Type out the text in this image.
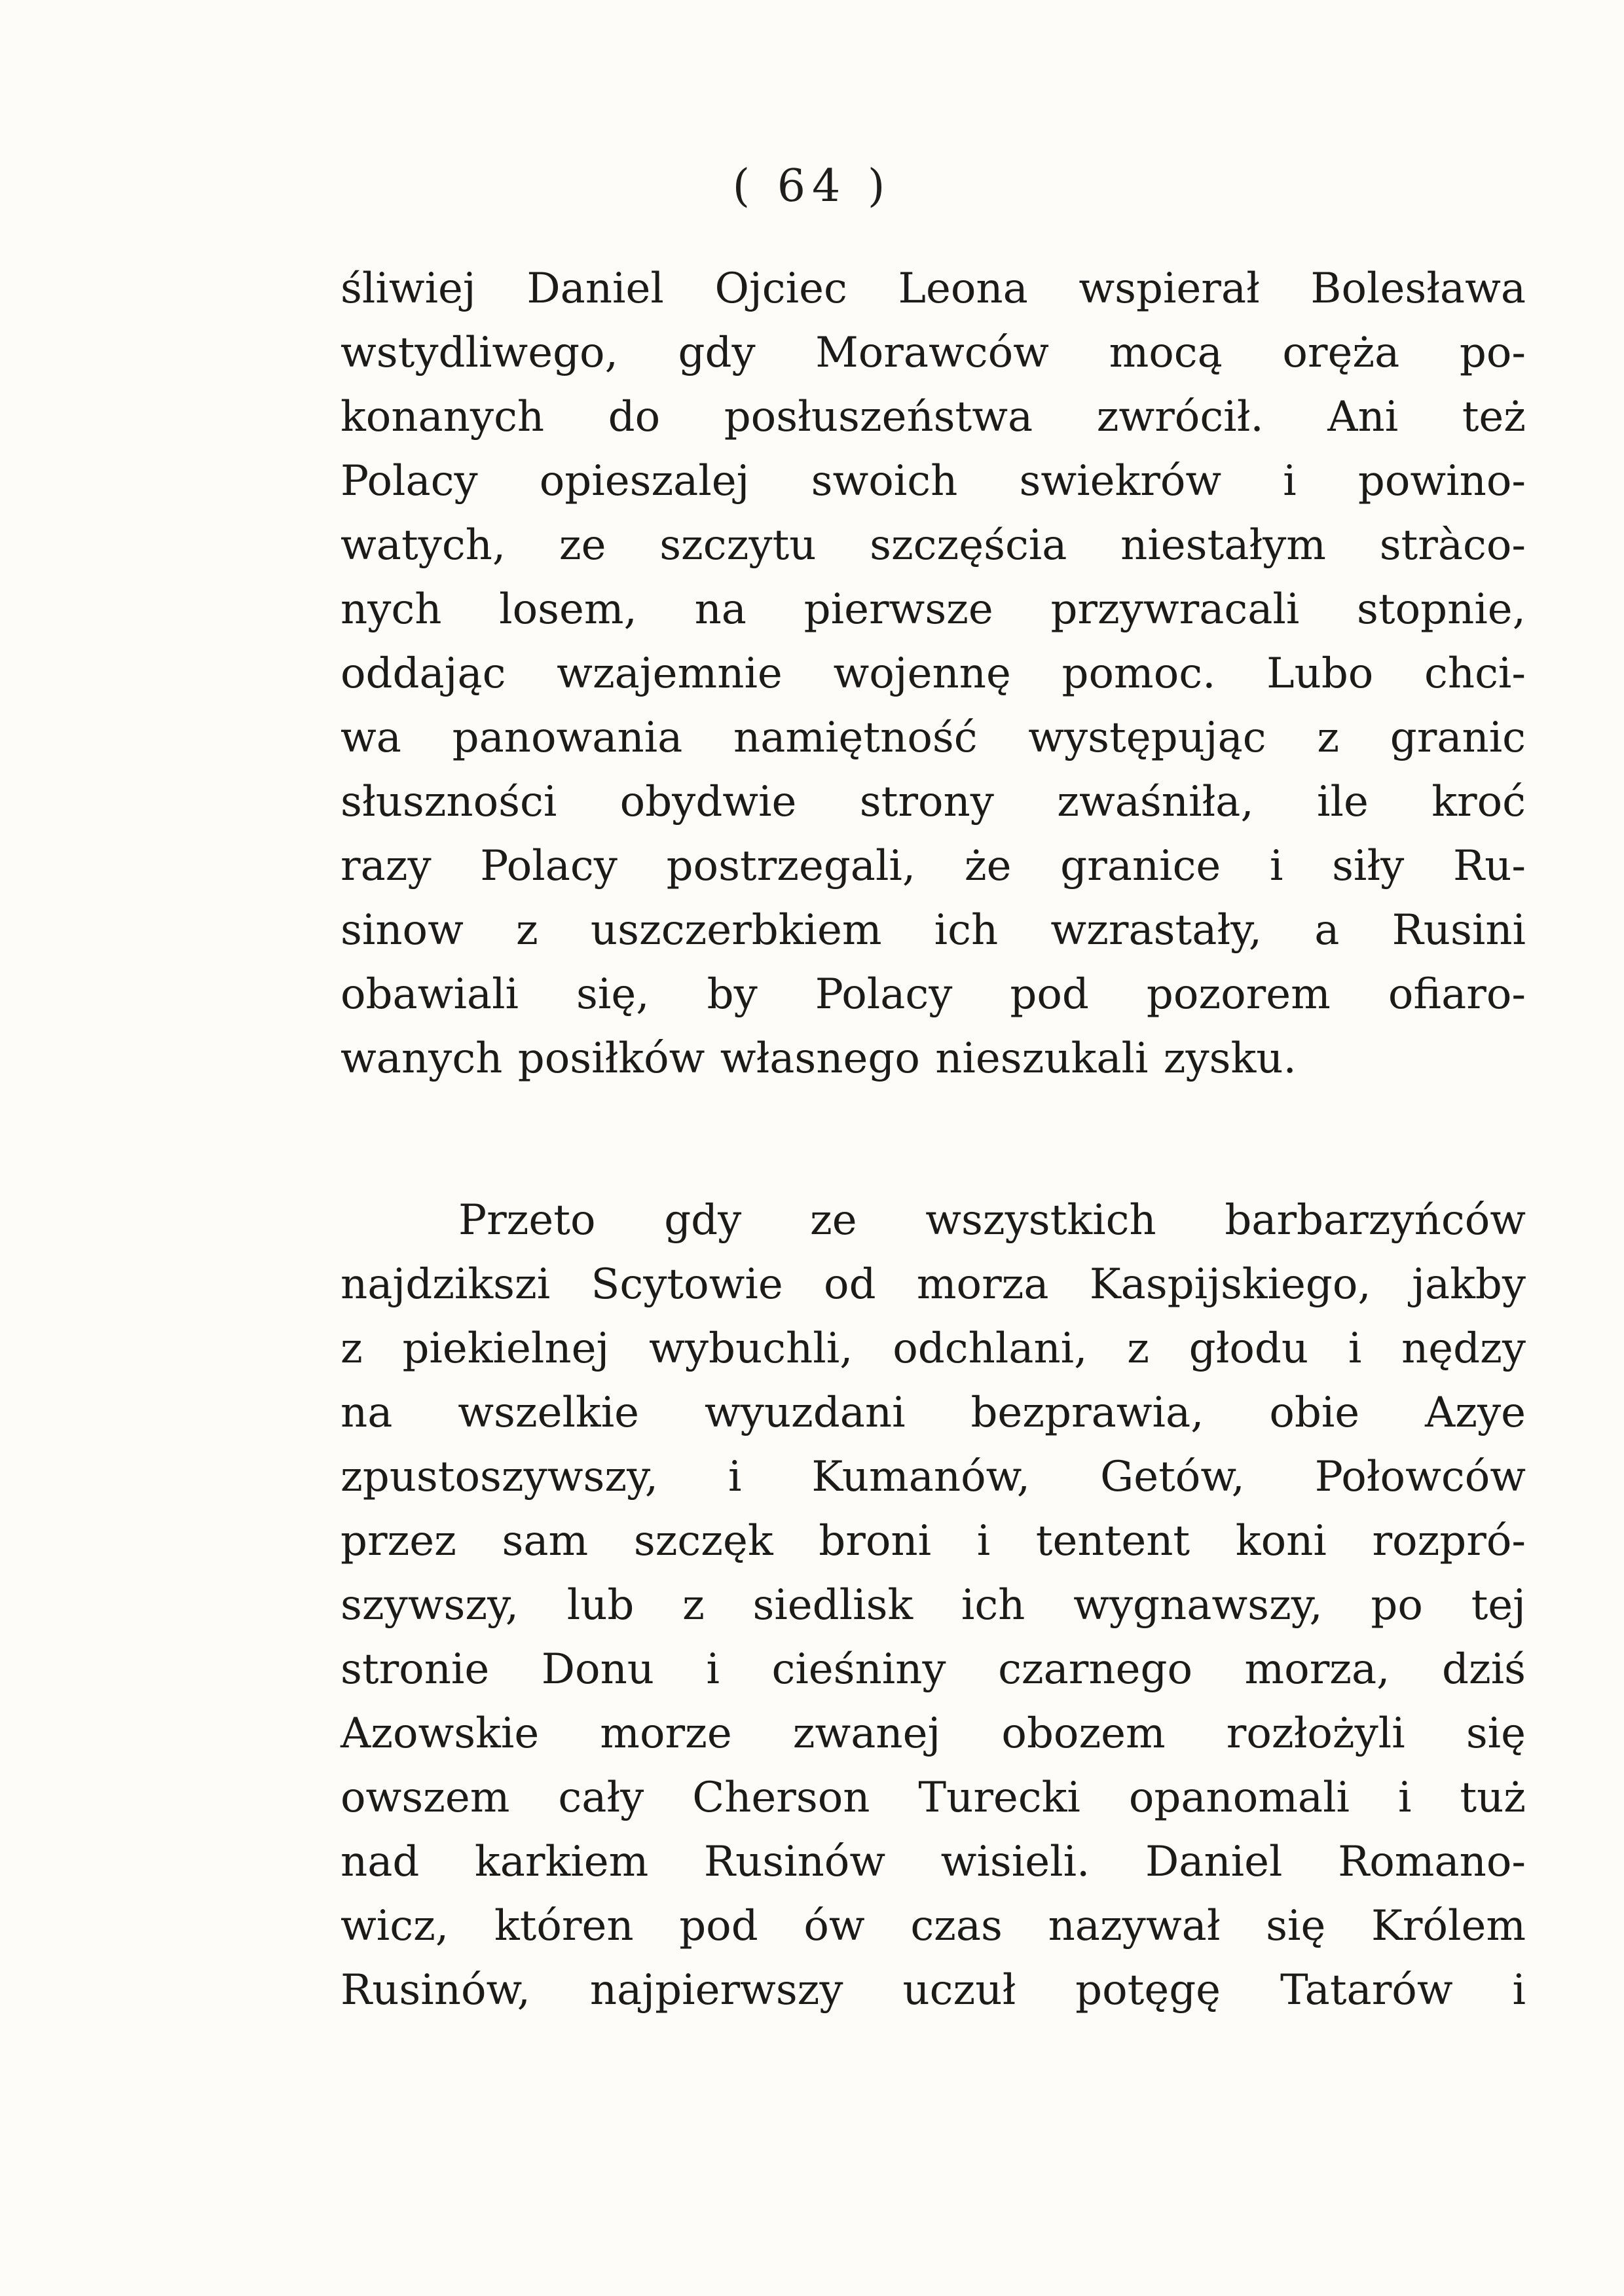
( 64 )
śliwiej Daniel Ojciec Leona wspierał Bolesława
wstydliwego, gdy Morawców mocą oręża po-
konanych do posłuszeństwa zwrócił. Ani też
Polacy opieszalej swoich swiekrów i powino-
watych, ze szczytu szczęścia niestałym stràco-
nych losem, na pierwsze przywracali stopnie,
oddając wzajemnie wojennę pomoc. Lubo chci-
wa panowania namiętność występując z granic
słuszności obydwie strony zwaśniła, ile kroć
razy Polacy postrzegali, że granice i siły Ru-
sinow z uszczerbkiem ich wzrastały, a Rusini
obawiali się, by Polacy pod pozorem ofiaro-
wanych posiłków własnego nieszukali zysku.
Przeto gdy ze wszystkich barbarzyńców
najdzikszi Scytowie od morza Kaspijskiego, jakby
z piekielnej wybuchli, odchlani, z głodu i nędzy
na wszelkie wyuzdani bezprawia, obie Azye
zpustoszywszy, i Kumanów, Getów, Połowców
przez sam szczęk broni i tentent koni rozpró-
szywszy, lub z siedlisk ich wygnawszy, po tej
stronie Donu i cieśniny czarnego morza, dziś
Azowskie morze zwanej obozem rozłożyli się
owszem cały Cherson Turecki opanomali i tuż
nad karkiem Rusinów wisieli. Daniel Romano-
wicz, któren pod ów czas nazywał się Królem
Rusinów, najpierwszy uczuł potęgę Tatarów i
